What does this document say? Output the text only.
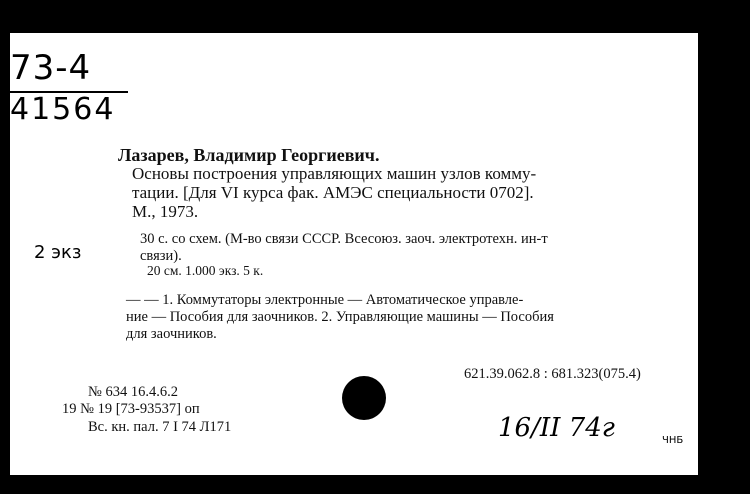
73-4
41564
2 экз
Лазарев, Владимир Георгиевич.
Основы построения управляющих машин узлов комму-
тации. [Для VI курса фак. АМЭС специальности 0702].
М., 1973.
30 с. со схем. (М-во связи СССР. Всесоюз. заоч. электротехн. ин-т
связи).
20 см. 1.000 экз. 5 к.
— — 1. Коммутаторы электронные — Автоматическое управле-
ние — Пособия для заочников. 2. Управляющие машины — Пособия
для заочников.
621.39.062.8 : 681.323(075.4)
№ 634 16.4.6.2
19 № 19 [73-93537] оп
Вс. кн. пал. 7 I 74 Л171	16/II 74г	ЧНБ
